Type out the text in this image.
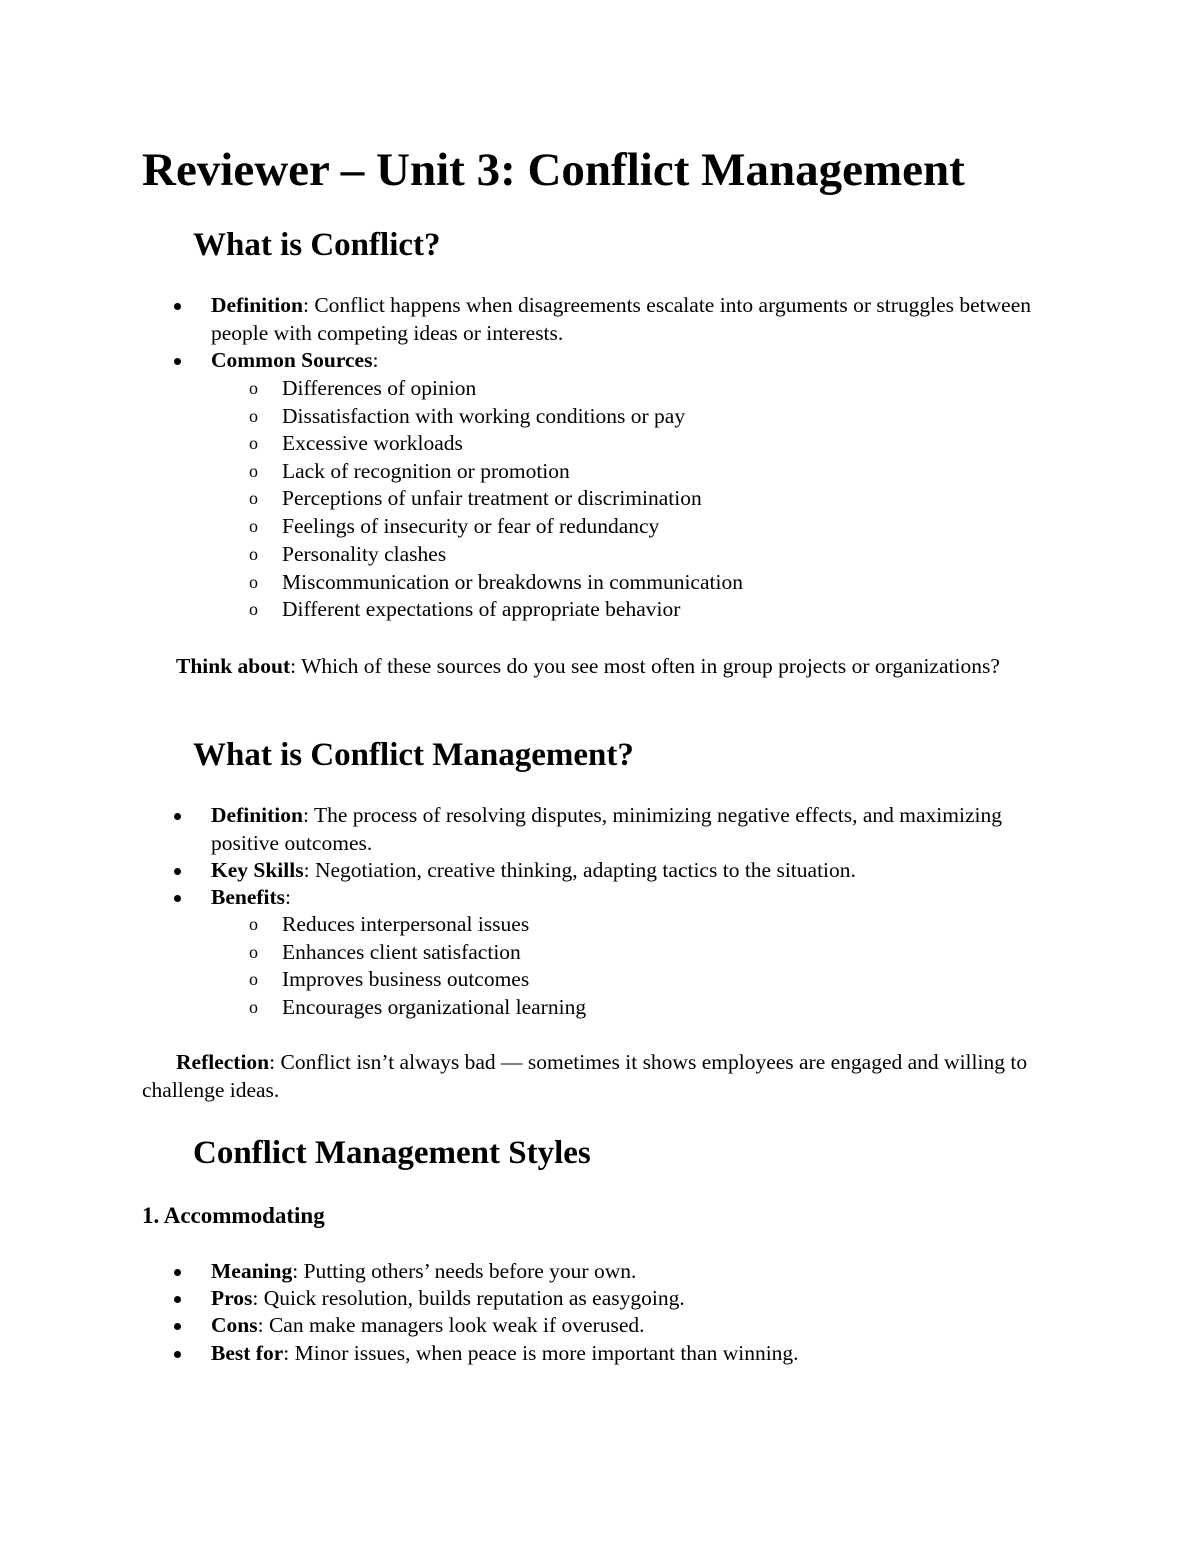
Reviewer – Unit 3: Conflict Management
What is Conflict?
Definition: Conflict happens when disagreements escalate into arguments or struggles between people with competing ideas or interests.
Common Sources:
o Differences of opinion
o Dissatisfaction with working conditions or pay
o Excessive workloads
o Lack of recognition or promotion
o Perceptions of unfair treatment or discrimination
o Feelings of insecurity or fear of redundancy
o Personality clashes
o Miscommunication or breakdowns in communication
o Different expectations of appropriate behavior
Think about: Which of these sources do you see most often in group projects or organizations?
What is Conflict Management?
Definition: The process of resolving disputes, minimizing negative effects, and maximizing positive outcomes.
Key Skills: Negotiation, creative thinking, adapting tactics to the situation.
Benefits:
o Reduces interpersonal issues
o Enhances client satisfaction
o Improves business outcomes
o Encourages organizational learning
Reflection: Conflict isn’t always bad — sometimes it shows employees are engaged and willing to challenge ideas.
Conflict Management Styles
1. Accommodating
Meaning: Putting others’ needs before your own.
Pros: Quick resolution, builds reputation as easygoing.
Cons: Can make managers look weak if overused.
Best for: Minor issues, when peace is more important than winning.
